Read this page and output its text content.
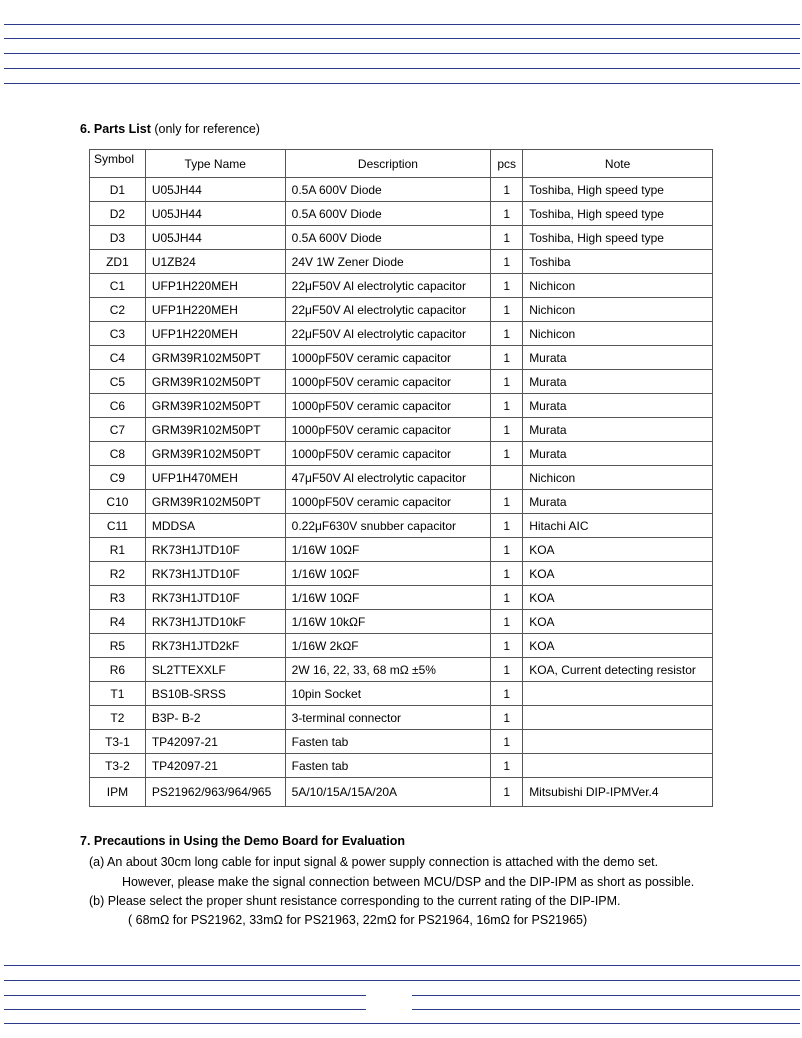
6. Parts List (only for reference)
Symbol	Type Name	Description	pcs	Note
D1	U05JH44	0.5A 600V Diode	1	Toshiba, High speed type
D2	U05JH44	0.5A 600V Diode	1	Toshiba, High speed type
D3	U05JH44	0.5A 600V Diode	1	Toshiba, High speed type
ZD1	U1ZB24	24V 1W Zener Diode	1	Toshiba
C1	UFP1H220MEH	22μF50V Al electrolytic capacitor	1	Nichicon
C2	UFP1H220MEH	22μF50V Al electrolytic capacitor	1	Nichicon
C3	UFP1H220MEH	22μF50V Al electrolytic capacitor	1	Nichicon
C4	GRM39R102M50PT	1000pF50V ceramic capacitor	1	Murata
C5	GRM39R102M50PT	1000pF50V ceramic capacitor	1	Murata
C6	GRM39R102M50PT	1000pF50V ceramic capacitor	1	Murata
C7	GRM39R102M50PT	1000pF50V ceramic capacitor	1	Murata
C8	GRM39R102M50PT	1000pF50V ceramic capacitor	1	Murata
C9	UFP1H470MEH	47μF50V Al electrolytic capacitor		Nichicon
C10	GRM39R102M50PT	1000pF50V ceramic capacitor	1	Murata
C11	MDDSA	0.22μF630V snubber capacitor	1	Hitachi AIC
R1	RK73H1JTD10F	1/16W 10ΩF	1	KOA
R2	RK73H1JTD10F	1/16W 10ΩF	1	KOA
R3	RK73H1JTD10F	1/16W 10ΩF	1	KOA
R4	RK73H1JTD10kF	1/16W 10kΩF	1	KOA
R5	RK73H1JTD2kF	1/16W 2kΩF	1	KOA
R6	SL2TTEXXLF	2W 16, 22, 33, 68 mΩ ±5%	1	KOA, Current detecting resistor
T1	BS10B-SRSS	10pin Socket	1	
T2	B3P- B-2	3-terminal connector	1	
T3-1	TP42097-21	Fasten tab	1	
T3-2	TP42097-21	Fasten tab	1	
IPM	PS21962/963/964/965	5A/10/15A/15A/20A	1	Mitsubishi DIP-IPMVer.4
7. Precautions in Using the Demo Board for Evaluation
(a) An about 30cm long cable for input signal & power supply connection is attached with the demo set.
However, please make the signal connection between MCU/DSP and the DIP-IPM as short as possible.
(b) Please select the proper shunt resistance corresponding to the current rating of the DIP-IPM.
( 68mΩ for PS21962, 33mΩ for PS21963, 22mΩ for PS21964, 16mΩ for PS21965)
